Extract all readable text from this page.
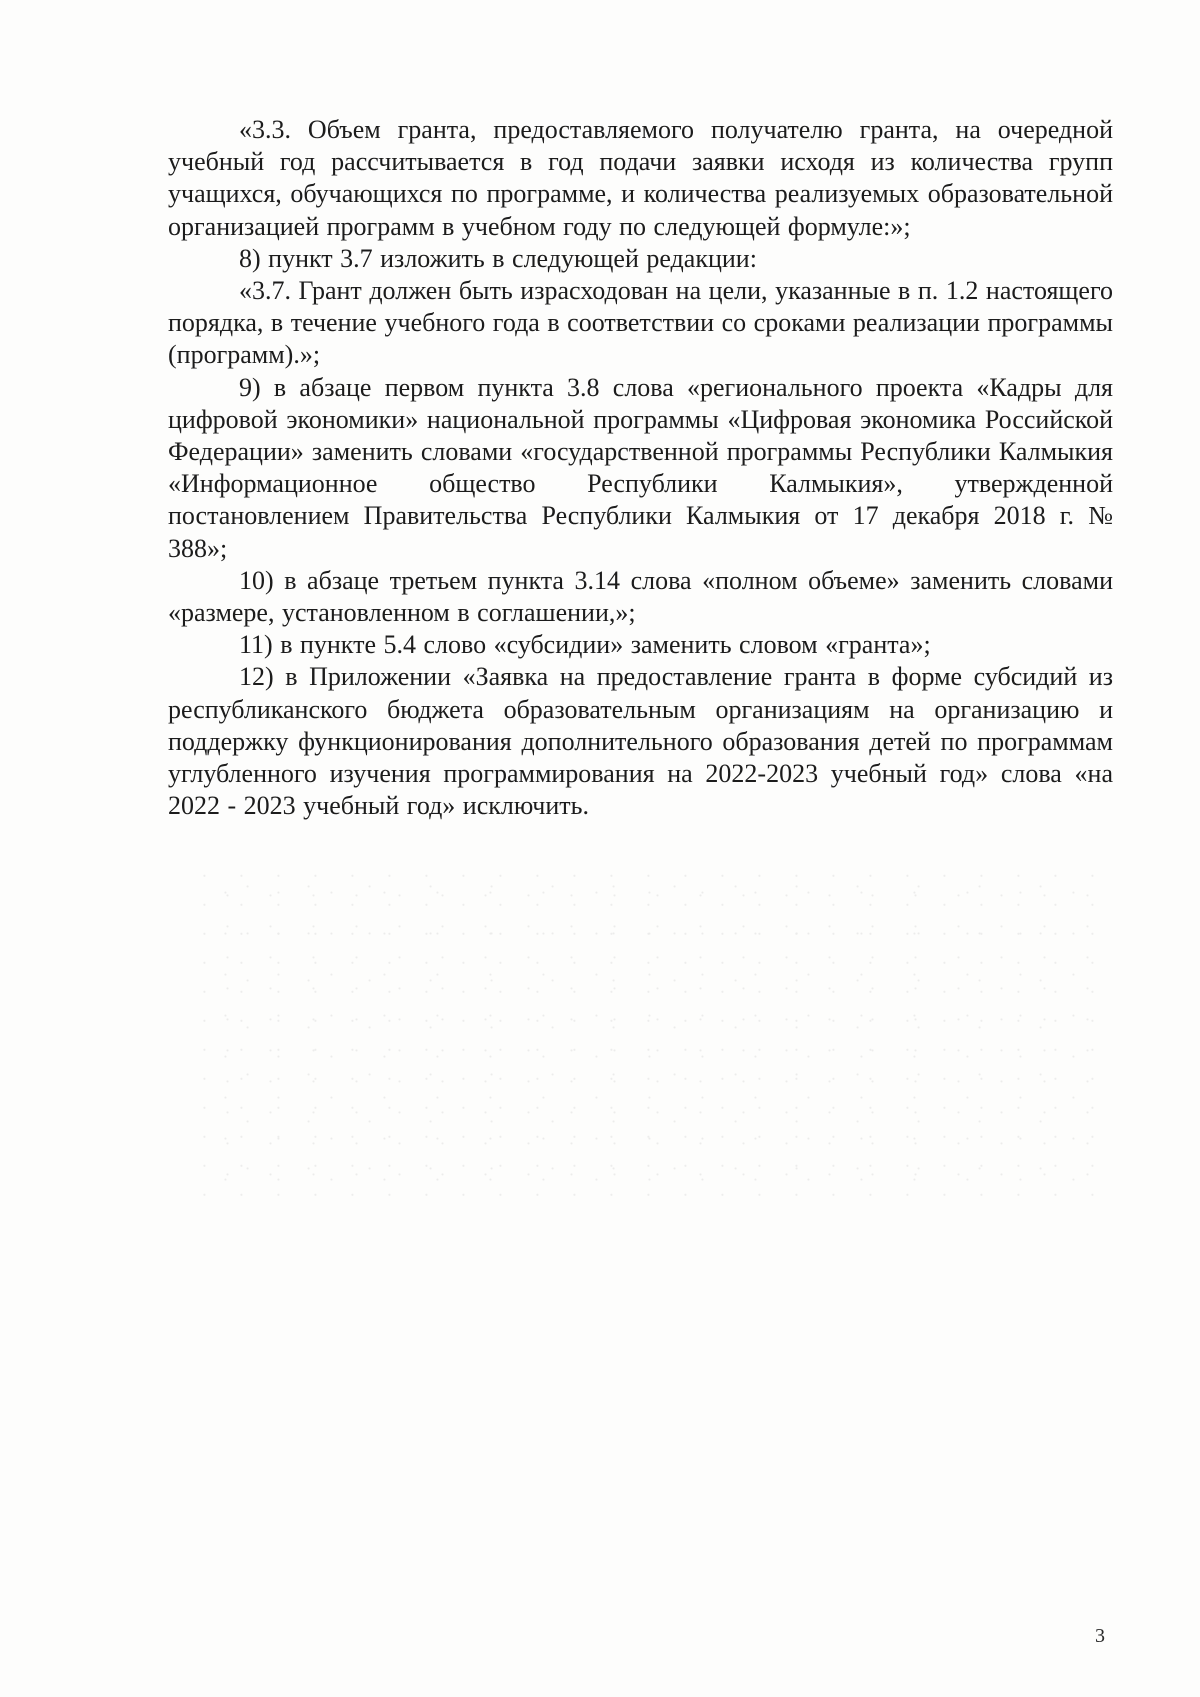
«3.3. Объем гранта, предоставляемого получателю гранта, на очередной учебный год рассчитывается в год подачи заявки исходя из количества групп учащихся, обучающихся по программе, и количества реализуемых образовательной организацией программ в учебном году по следующей формуле:»;

8) пункт 3.7 изложить в следующей редакции:

«3.7. Грант должен быть израсходован на цели, указанные в п. 1.2 настоящего порядка, в течение учебного года в соответствии со сроками реализации программы (программ).»;

9) в абзаце первом пункта 3.8 слова «регионального проекта «Кадры для цифровой экономики» национальной программы «Цифровая экономика Российской Федерации» заменить словами «государственной программы Республики Калмыкия «Информационное общество Республики Калмыкия», утвержденной постановлением Правительства Республики Калмыкия от 17 декабря 2018 г. № 388»;

10) в абзаце третьем пункта 3.14 слова «полном объеме» заменить словами «размере, установленном в соглашении,»;

11) в пункте 5.4 слово «субсидии» заменить словом «гранта»;

12) в Приложении «Заявка на предоставление гранта в форме субсидий из республиканского бюджета образовательным организациям на организацию и поддержку функционирования дополнительного образования детей по программам углубленного изучения программирования на 2022-2023 учебный год» слова «на 2022 - 2023 учебный год» исключить.

3
